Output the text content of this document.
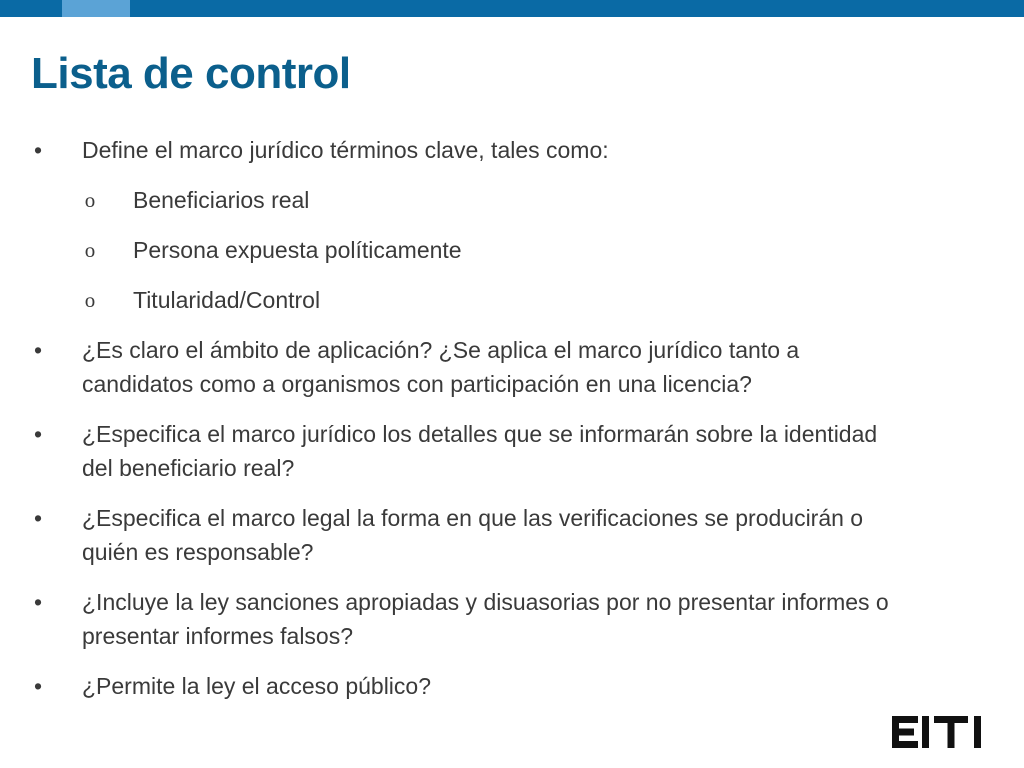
Lista de control
• Define el marco jurídico términos clave, tales como:
o Beneficiarios real
o Persona expuesta políticamente
o Titularidad/Control
• ¿Es claro el ámbito de aplicación? ¿Se aplica el marco jurídico tanto a
candidatos como a organismos con participación en una licencia?
• ¿Especifica el marco jurídico los detalles que se informarán sobre la identidad
del beneficiario real?
• ¿Especifica el marco legal la forma en que las verificaciones se producirán o
quién es responsable?
• ¿Incluye la ley sanciones apropiadas y disuasorias por no presentar informes o
presentar informes falsos?
• ¿Permite la ley el acceso público?
